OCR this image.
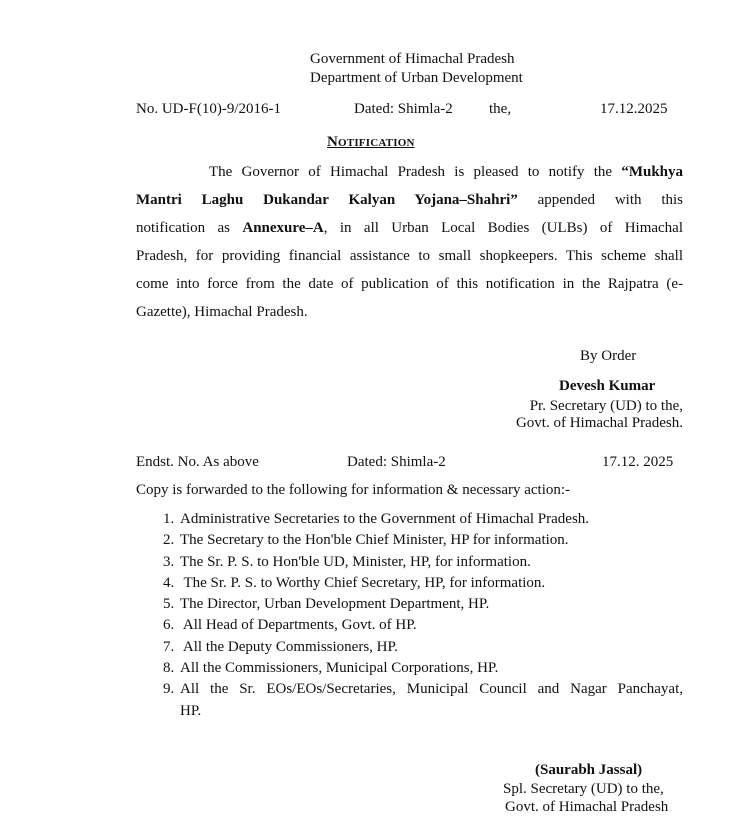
Government of Himachal Pradesh
Department of Urban Development
No. UD-F(10)-9/2016-1	Dated: Shimla-2 the,	17.12.2025
Notification
The Governor of Himachal Pradesh is pleased to notify the “Mukhya
Mantri Laghu Dukandar Kalyan Yojana–Shahri” appended with this
notification as Annexure–A, in all Urban Local Bodies (ULBs) of Himachal
Pradesh, for providing financial assistance to small shopkeepers. This scheme shall
come into force from the date of publication of this notification in the Rajpatra (e-
Gazette), Himachal Pradesh.
By Order
Devesh Kumar
Pr. Secretary (UD) to the,
Govt. of Himachal Pradesh.
Endst. No. As above	Dated: Shimla-2	17.12. 2025
Copy is forwarded to the following for information & necessary action:-
1. Administrative Secretaries to the Government of Himachal Pradesh.
2. The Secretary to the Hon'ble Chief Minister, HP for information.
3. The Sr. P. S. to Hon'ble UD, Minister, HP, for information.
4. The Sr. P. S. to Worthy Chief Secretary, HP, for information.
5. The Director, Urban Development Department, HP.
6. All Head of Departments, Govt. of HP.
7. All the Deputy Commissioners, HP.
8. All the Commissioners, Municipal Corporations, HP.
9. All the Sr. EOs/EOs/Secretaries, Municipal Council and Nagar Panchayat,
HP.
(Saurabh Jassal)
Spl. Secretary (UD) to the,
Govt. of Himachal Pradesh
